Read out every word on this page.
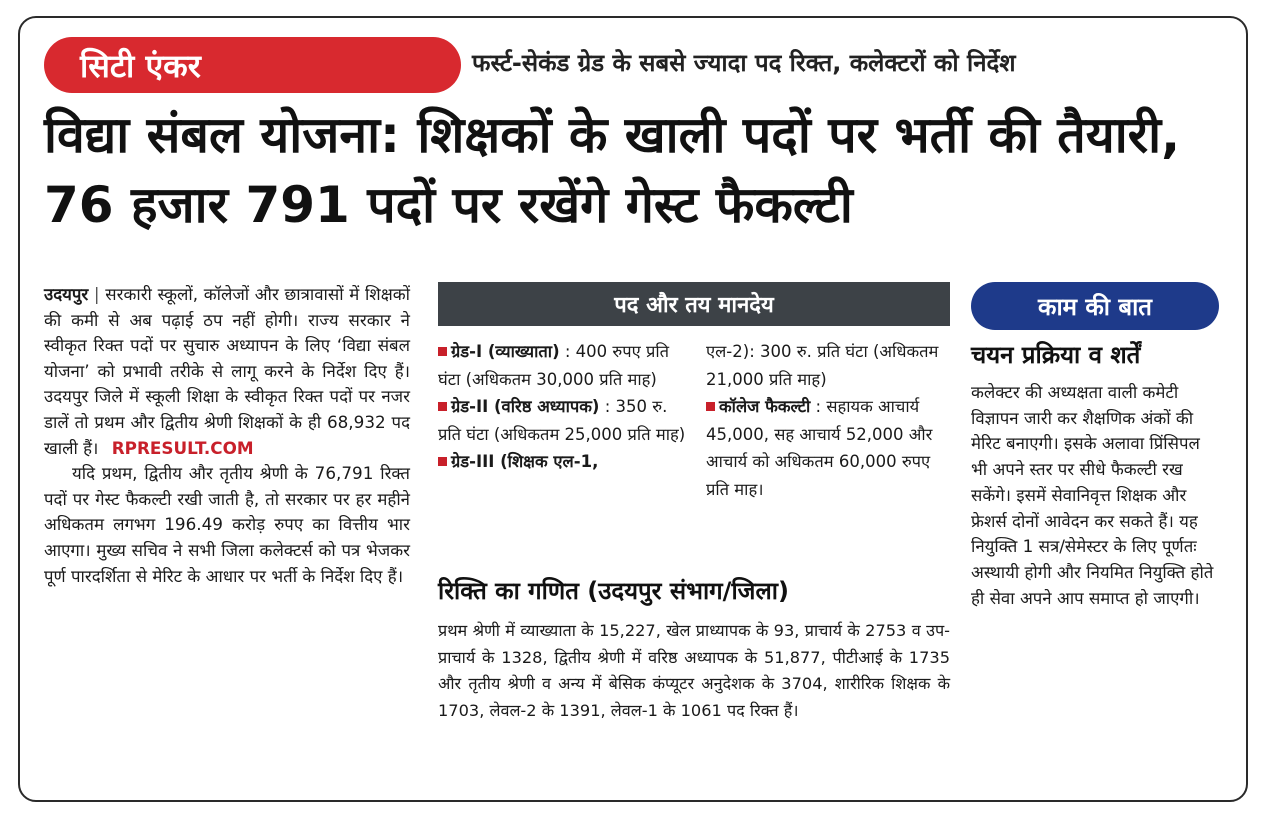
सिटी एंकर	फर्स्ट-सेकंड ग्रेड के सबसे ज्यादा पद रिक्त, कलेक्टरों को निर्देश
विद्या संबल योजना: शिक्षकों के खाली पदों पर भर्ती की तैयारी, 76 हजार 791 पदों पर रखेंगे गेस्ट फैकल्टी

उदयपुर | सरकारी स्कूलों, कॉलेजों और छात्रावासों में शिक्षकों की कमी से अब पढ़ाई ठप नहीं होगी। राज्य सरकार ने स्वीकृत रिक्त पदों पर सुचारु अध्यापन के लिए ‘विद्या संबल योजना’ को प्रभावी तरीके से लागू करने के निर्देश दिए हैं। उदयपुर जिले में स्कूली शिक्षा के स्वीकृत रिक्त पदों पर नजर डालें तो प्रथम और द्वितीय श्रेणी शिक्षकों के ही 68,932 पद खाली हैं। RPRESULT.COM

यदि प्रथम, द्वितीय और तृतीय श्रेणी के 76,791 रिक्त पदों पर गेस्ट फैकल्टी रखी जाती है, तो सरकार पर हर महीने अधिकतम लगभग 196.49 करोड़ रुपए का वित्तीय भार आएगा। मुख्य सचिव ने सभी जिला कलेक्टर्स को पत्र भेजकर पूर्ण पारदर्शिता से मेरिट के आधार पर भर्ती के निर्देश दिए हैं।

पद और तय मानदेय

ग्रेड-I (व्याख्याता) : 400 रुपए प्रति घंटा (अधिकतम 30,000 प्रति माह)

ग्रेड-II (वरिष्ठ अध्यापक) : 350 रु. प्रति घंटा (अधिकतम 25,000 प्रति माह)

ग्रेड-III (शिक्षक एल-1,

एल-2): 300 रु. प्रति घंटा (अधिकतम 21,000 प्रति माह)

कॉलेज फैकल्टी : सहायक आचार्य 45,000, सह आचार्य 52,000 और आचार्य को अधिकतम 60,000 रुपए प्रति माह।

रिक्ति का गणित (उदयपुर संभाग/जिला)

प्रथम श्रेणी में व्याख्याता के 15,227, खेल प्राध्यापक के 93, प्राचार्य के 2753 व उप-प्राचार्य के 1328, द्वितीय श्रेणी में वरिष्ठ अध्यापक के 51,877, पीटीआई के 1735 और तृतीय श्रेणी व अन्य में बेसिक कंप्यूटर अनुदेशक के 3704, शारीरिक शिक्षक के 1703, लेवल-2 के 1391, लेवल-1 के 1061 पद रिक्त हैं।

काम की बात
चयन प्रक्रिया व शर्तें

कलेक्टर की अध्यक्षता वाली कमेटी विज्ञापन जारी कर शैक्षणिक अंकों की मेरिट बनाएगी। इसके अलावा प्रिंसिपल भी अपने स्तर पर सीधे फैकल्टी रख सकेंगे। इसमें सेवानिवृत्त शिक्षक और फ्रेशर्स दोनों आवेदन कर सकते हैं। यह नियुक्ति 1 सत्र/सेमेस्टर के लिए पूर्णतः अस्थायी होगी और नियमित नियुक्ति होते ही सेवा अपने आप समाप्त हो जाएगी।
